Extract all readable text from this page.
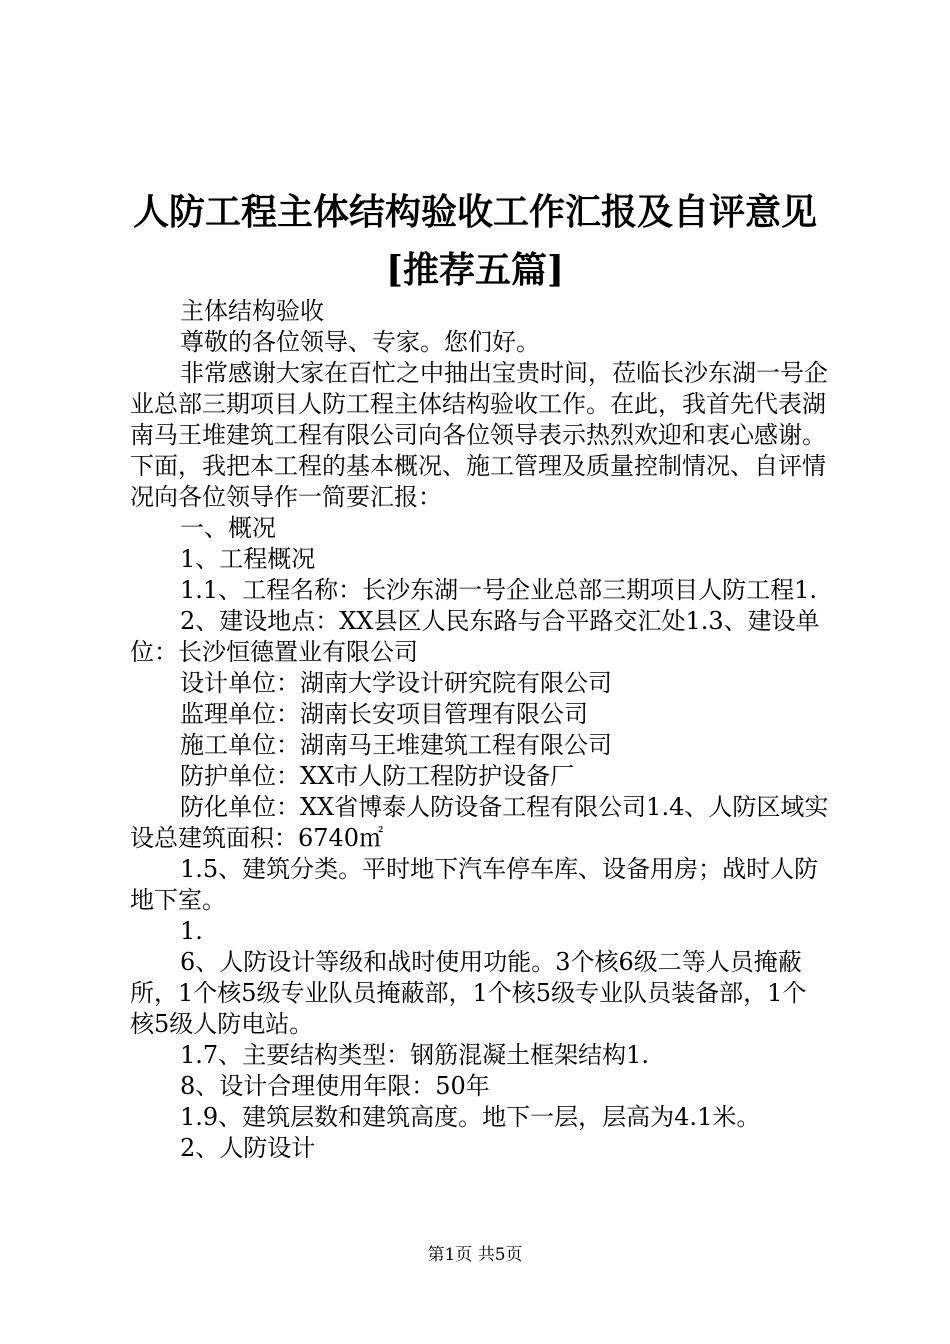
人防工程主体结构验收工作汇报及自评意见
[推荐五篇]

主体结构验收

尊敬的各位领导、专家。您们好。

非常感谢大家在百忙之中抽出宝贵时间，莅临长沙东湖一号企业总部三期项目人防工程主体结构验收工作。在此，我首先代表湖南马王堆建筑工程有限公司向各位领导表示热烈欢迎和衷心感谢。下面，我把本工程的基本概况、施工管理及质量控制情况、自评情况向各位领导作一简要汇报：

一、概况

1、工程概况

1.1、工程名称：长沙东湖一号企业总部三期项目人防工程1.

2、建设地点：XX县区人民东路与合平路交汇处1.3、建设单位：长沙恒德置业有限公司

设计单位：湖南大学设计研究院有限公司

监理单位：湖南长安项目管理有限公司

施工单位：湖南马王堆建筑工程有限公司

防护单位：XX市人防工程防护设备厂

防化单位：XX省博泰人防设备工程有限公司1.4、人防区域实设总建筑面积：6740㎡

1.5、建筑分类。平时地下汽车停车库、设备用房；战时人防地下室。

1.

6、人防设计等级和战时使用功能。3个核6级二等人员掩蔽所，1个核5级专业队员掩蔽部，1个核5级专业队员装备部，1个核5级人防电站。

1.7、主要结构类型：钢筋混凝土框架结构1.

8、设计合理使用年限：50年

1.9、建筑层数和建筑高度。地下一层，层高为4.1米。

2、人防设计

第1页 共5页
